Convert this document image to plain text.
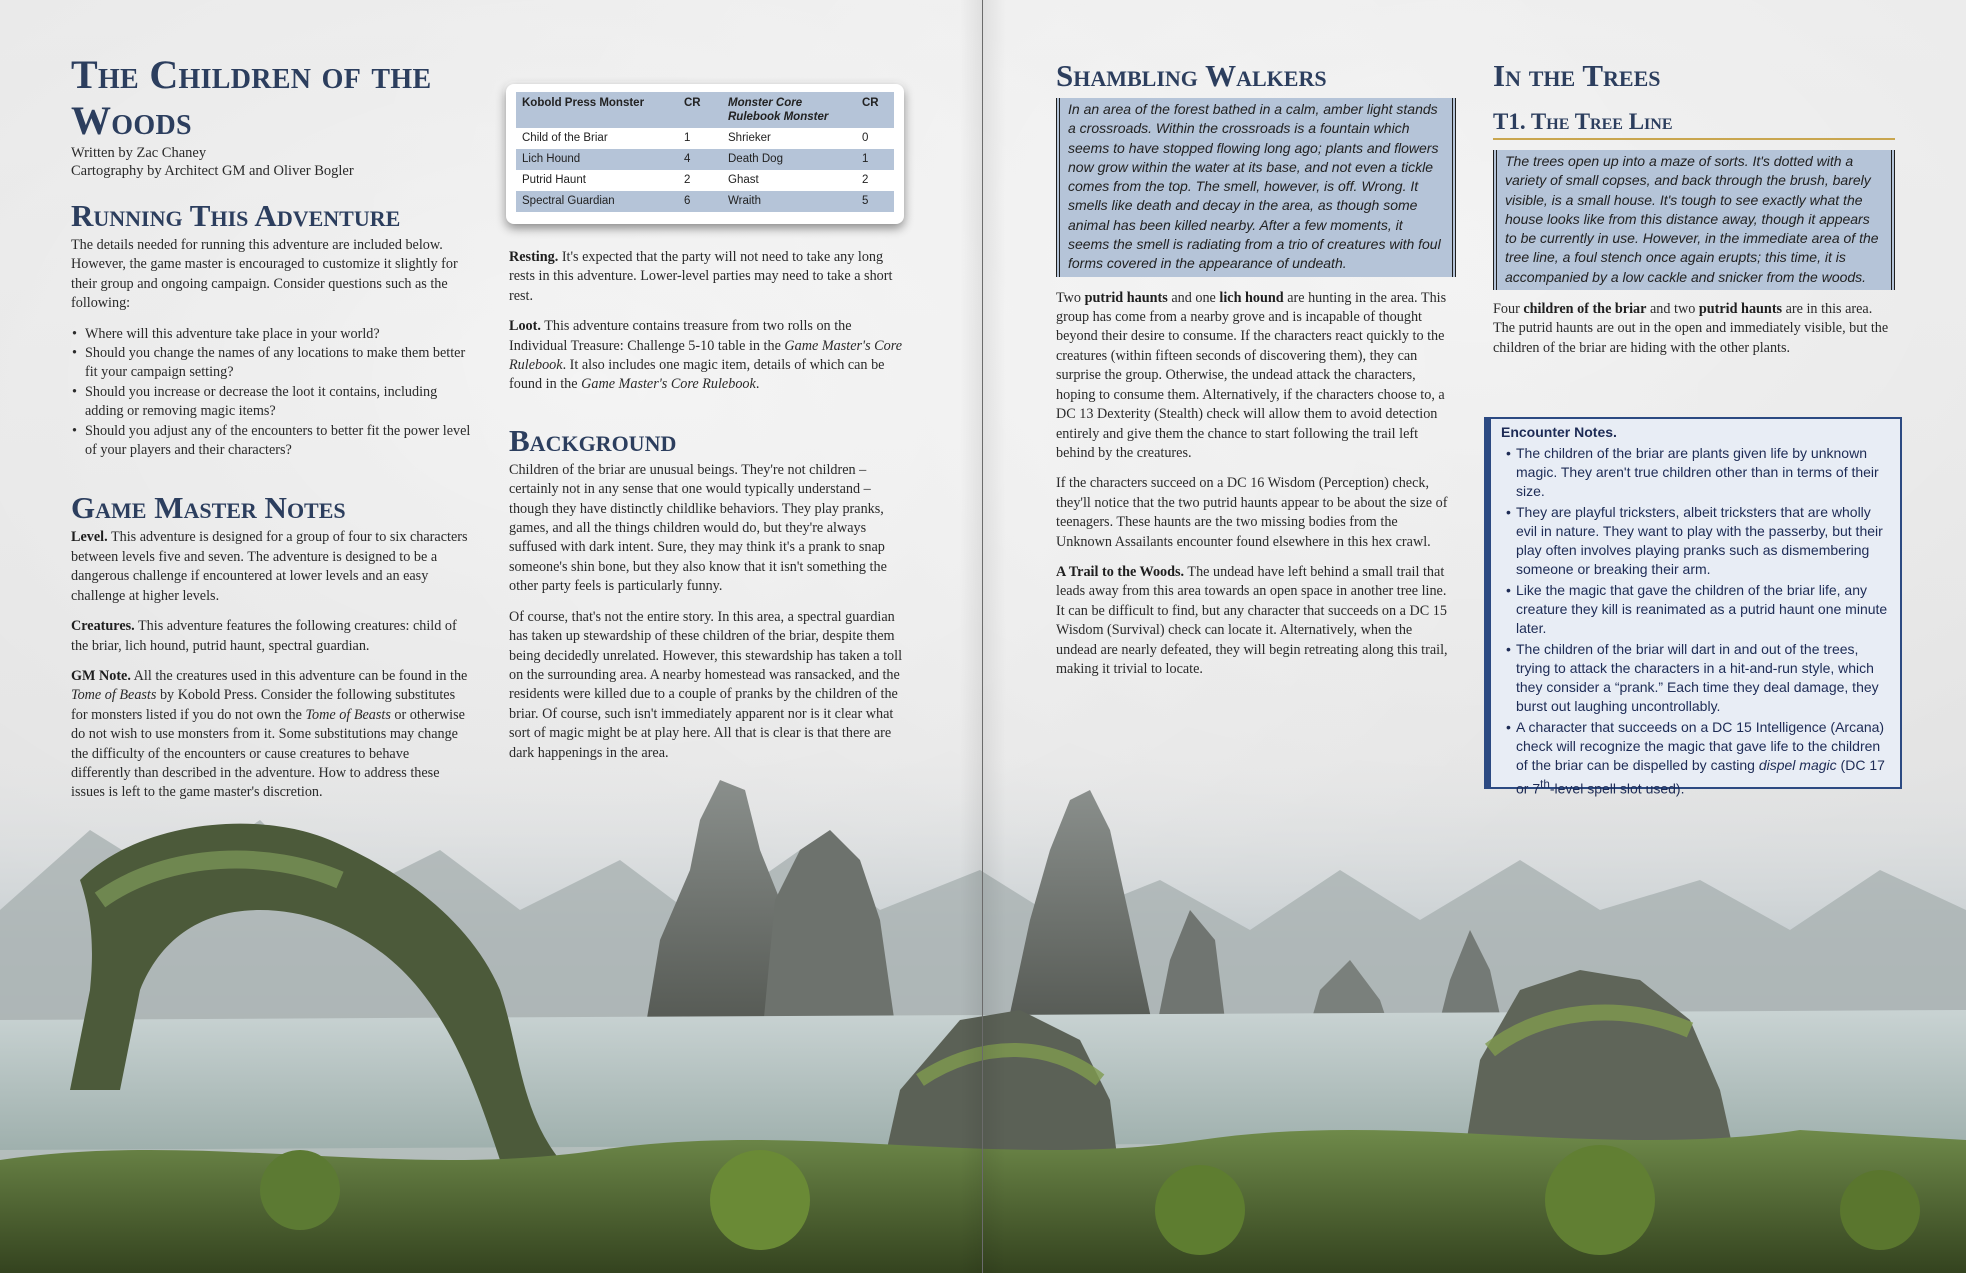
The Children of the Woods
Written by Zac Chaney
Cartography by Architect GM and Oliver Bogler
Running This Adventure

The details needed for running this adventure are included below. However, the game master is encouraged to customize it slightly for their group and ongoing campaign. Consider questions such as the following:

• Where will this adventure take place in your world?
• Should you change the names of any locations to make them better fit your campaign setting?
• Should you increase or decrease the loot it contains, including adding or removing magic items?
• Should you adjust any of the encounters to better fit the power level of your players and their characters?
Game Master Notes

Level. This adventure is designed for a group of four to six characters between levels five and seven. The adventure is designed to be a dangerous challenge if encountered at lower levels and an easy challenge at higher levels.

Creatures. This adventure features the following creatures: child of the briar, lich hound, putrid haunt, spectral guardian.

GM Note. All the creatures used in this adventure can be found in the Tome of Beasts by Kobold Press. Consider the following substitutes for monsters listed if you do not own the Tome of Beasts or otherwise do not wish to use monsters from it. Some substitutions may change the difficulty of the encounters or cause creatures to behave differently than described in the adventure. How to address these issues is left to the game master's discretion.

Kobold Press Monster	CR	Monster Core Rulebook Monster	CR
Child of the Briar	1	Shrieker	0
Lich Hound	4	Death Dog	1
Putrid Haunt	2	Ghast	2
Spectral Guardian	6	Wraith	5

Resting. It's expected that the party will not need to take any long rests in this adventure. Lower-level parties may need to take a short rest.

Loot. This adventure contains treasure from two rolls on the Individual Treasure: Challenge 5-10 table in the Game Master's Core Rulebook. It also includes one magic item, details of which can be found in the Game Master's Core Rulebook.

Background

Children of the briar are unusual beings. They're not children – certainly not in any sense that one would typically understand – though they have distinctly childlike behaviors. They play pranks, games, and all the things children would do, but they're always suffused with dark intent. Sure, they may think it's a prank to snap someone's shin bone, but they also know that it isn't something the other party feels is particularly funny.

Of course, that's not the entire story. In this area, a spectral guardian has taken up stewardship of these children of the briar, despite them being decidedly unrelated. However, this stewardship has taken a toll on the surrounding area. A nearby homestead was ransacked, and the residents were killed due to a couple of pranks by the children of the briar. Of course, such isn't immediately apparent nor is it clear what sort of magic might be at play here. All that is clear is that there are dark happenings in the area.

Shambling Walkers
In an area of the forest bathed in a calm, amber light stands a crossroads. Within the crossroads is a fountain which seems to have stopped flowing long ago; plants and flowers now grow within the water at its base, and not even a tickle comes from the top. The smell, however, is off. Wrong. It smells like death and decay in the area, as though some animal has been killed nearby. After a few moments, it seems the smell is radiating from a trio of creatures with foul forms covered in the appearance of undeath.

Two putrid haunts and one lich hound are hunting in the area. This group has come from a nearby grove and is incapable of thought beyond their desire to consume. If the characters react quickly to the creatures (within fifteen seconds of discovering them), they can surprise the group. Otherwise, the undead attack the characters, hoping to consume them. Alternatively, if the characters choose to, a DC 13 Dexterity (Stealth) check will allow them to avoid detection entirely and give them the chance to start following the trail left behind by the creatures.

If the characters succeed on a DC 16 Wisdom (Perception) check, they'll notice that the two putrid haunts appear to be about the size of teenagers. These haunts are the two missing bodies from the Unknown Assailants encounter found elsewhere in this hex crawl.

A Trail to the Woods. The undead have left behind a small trail that leads away from this area towards an open space in another tree line. It can be difficult to find, but any character that succeeds on a DC 15 Wisdom (Survival) check can locate it. Alternatively, when the undead are nearly defeated, they will begin retreating along this trail, making it trivial to locate.

In the Trees
T1. The Tree Line
The trees open up into a maze of sorts. It's dotted with a variety of small copses, and back through the brush, barely visible, is a small house. It's tough to see exactly what the house looks like from this distance away, though it appears to be currently in use. However, in the immediate area of the tree line, a foul stench once again erupts; this time, it is accompanied by a low cackle and snicker from the woods.

Four children of the briar and two putrid haunts are in this area. The putrid haunts are out in the open and immediately visible, but the children of the briar are hiding with the other plants.

Encounter Notes.
• The children of the briar are plants given life by unknown magic. They aren't true children other than in terms of their size.
• They are playful tricksters, albeit tricksters that are wholly evil in nature. They want to play with the passerby, but their play often involves playing pranks such as dismembering someone or breaking their arm.
• Like the magic that gave the children of the briar life, any creature they kill is reanimated as a putrid haunt one minute later.
• The children of the briar will dart in and out of the trees, trying to attack the characters in a hit-and-run style, which they consider a “prank.” Each time they deal damage, they burst out laughing uncontrollably.
• A character that succeeds on a DC 15 Intelligence (Arcana) check will recognize the magic that gave life to the children of the briar can be dispelled by casting dispel magic (DC 17 or 7th-level spell slot used).
